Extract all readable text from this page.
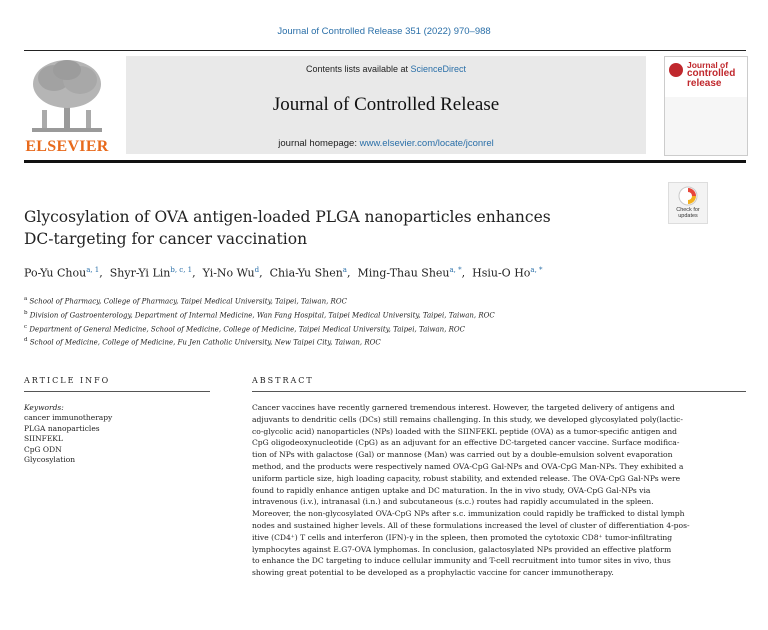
Journal of Controlled Release 351 (2022) 970–988
ELSEVIER
Contents lists available at ScienceDirect
Journal of Controlled Release
journal homepage: www.elsevier.com/locate/jconrel
Journal of
controlled
release
Check for updates
Glycosylation of OVA antigen-loaded PLGA nanoparticles enhances
DC-targeting for cancer vaccination
Po-Yu Chou$^{a, 1}$,  Shyr-Yi Lin$^{b, c, 1}$,  Yi-No Wu$^d$,  Chia-Yu Shen$^a$,  Ming-Thau Sheu$^{a, *}$,  Hsiu-O $Ho^{a, *}$
$^a$ School of Pharmacy, College of Pharmacy, Taipei Medical University, Taipei, Taiwan, ROC
$^b$ Division of Gastroenterology, Department of Internal Medicine, Wan Fang Hospital, Taipei Medical University, Taipei, Taiwan, ROC
$^c$ Department of General Medicine, School of Medicine, College of Medicine, Taipei Medical University, Taipei, Taiwan, ROC
$^d$ School of Medicine, College of Medicine, Fu Jen Catholic University, New Taipei City, Taiwan, ROC
ARTICLE INFO
Keywords:
cancer immunotherapy
PLGA nanoparticles
SIINFEKL
CpG ODN
Glycosylation
ABSTRACT
Cancer vaccines have recently garnered tremendous interest. However, the targeted delivery of antigens and
adjuvants to dendritic cells (DCs) still remains challenging. In this study, we developed glycosylated poly(lactic-
co-glycolic acid) nanoparticles (NPs) loaded with the SIINFEKL peptide (OVA) as a tumor-specific antigen and
CpG oligodeoxynucleotide (CpG) as an adjuvant for an effective DC-targeted cancer vaccine. Surface modifica-
tion of NPs with galactose (Gal) or mannose (Man) was carried out by a double-emulsion solvent evaporation
method, and the products were respectively named OVA-CpG Gal-NPs and OVA-CpG Man-NPs. They exhibited a
uniform particle size, high loading capacity, robust stability, and extended release. The OVA-CpG Gal-NPs were
found to rapidly enhance antigen uptake and DC maturation. In the in vivo study, OVA-CpG Gal-NPs via
intravenous (i.v.), intranasal (i.n.) and subcutaneous (s.c.) routes had rapidly accumulated in the spleen.
Moreover, the non-glycosylated OVA-CpG NPs after s.c. immunization could rapidly be trafficked to distal lymph
nodes and sustained higher levels. All of these formulations increased the level of cluster of differentiation 4-pos-
itive (CD4⁺) T cells and interferon (IFN)-γ in the spleen, then promoted the cytotoxic CD8⁺ tumor-infiltrating
lymphocytes against E.G7-OVA lymphomas. In conclusion, galactosylated NPs provided an effective platform
to enhance the DC targeting to induce cellular immunity and T-cell recruitment into tumor sites in vivo, thus
showing great potential to be developed as a prophylactic vaccine for cancer immunotherapy.
